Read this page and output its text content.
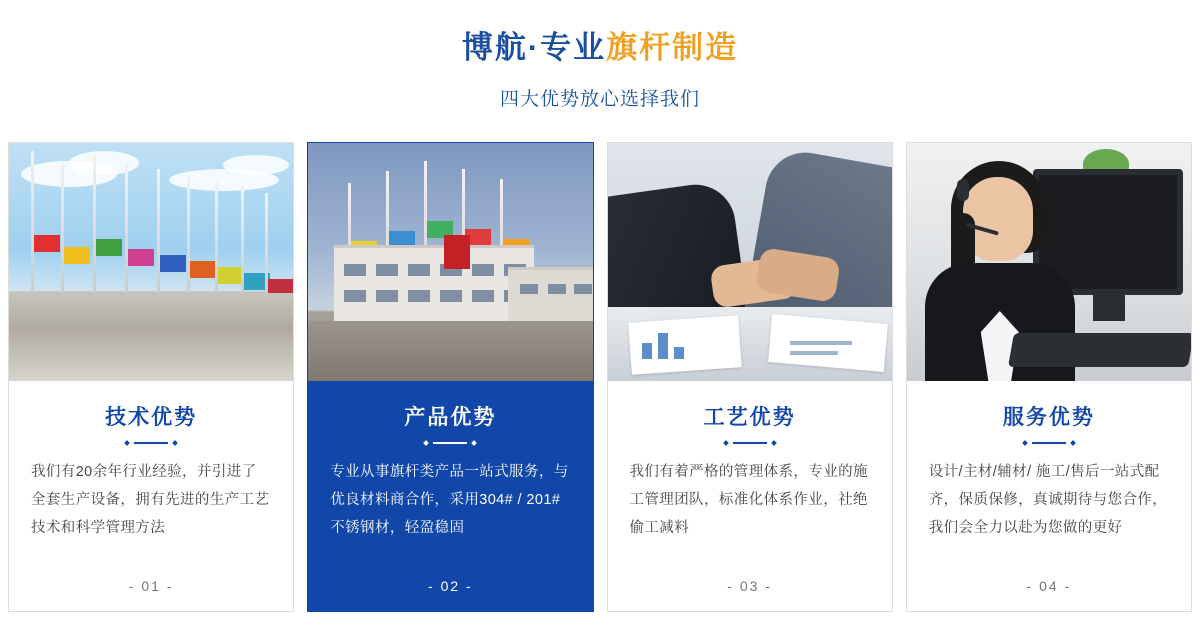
博航·专业旗杆制造
四大优势放心选择我们
技术优势
我们有20余年行业经验，并引进了全套生产设备，拥有先进的生产工艺技术和科学管理方法
- 01 -
产品优势
专业从事旗杆类产品一站式服务，与优良材料商合作，采用304# / 201#不锈钢材，轻盈稳固
- 02 -
工艺优势
我们有着严格的管理体系，专业的施工管理团队，标准化体系作业，社绝偷工减料
- 03 -
服务优势
设计/主材/辅材/ 施工/售后一站式配齐，保质保修，真诚期待与您合作，我们会全力以赴为您做的更好
- 04 -
